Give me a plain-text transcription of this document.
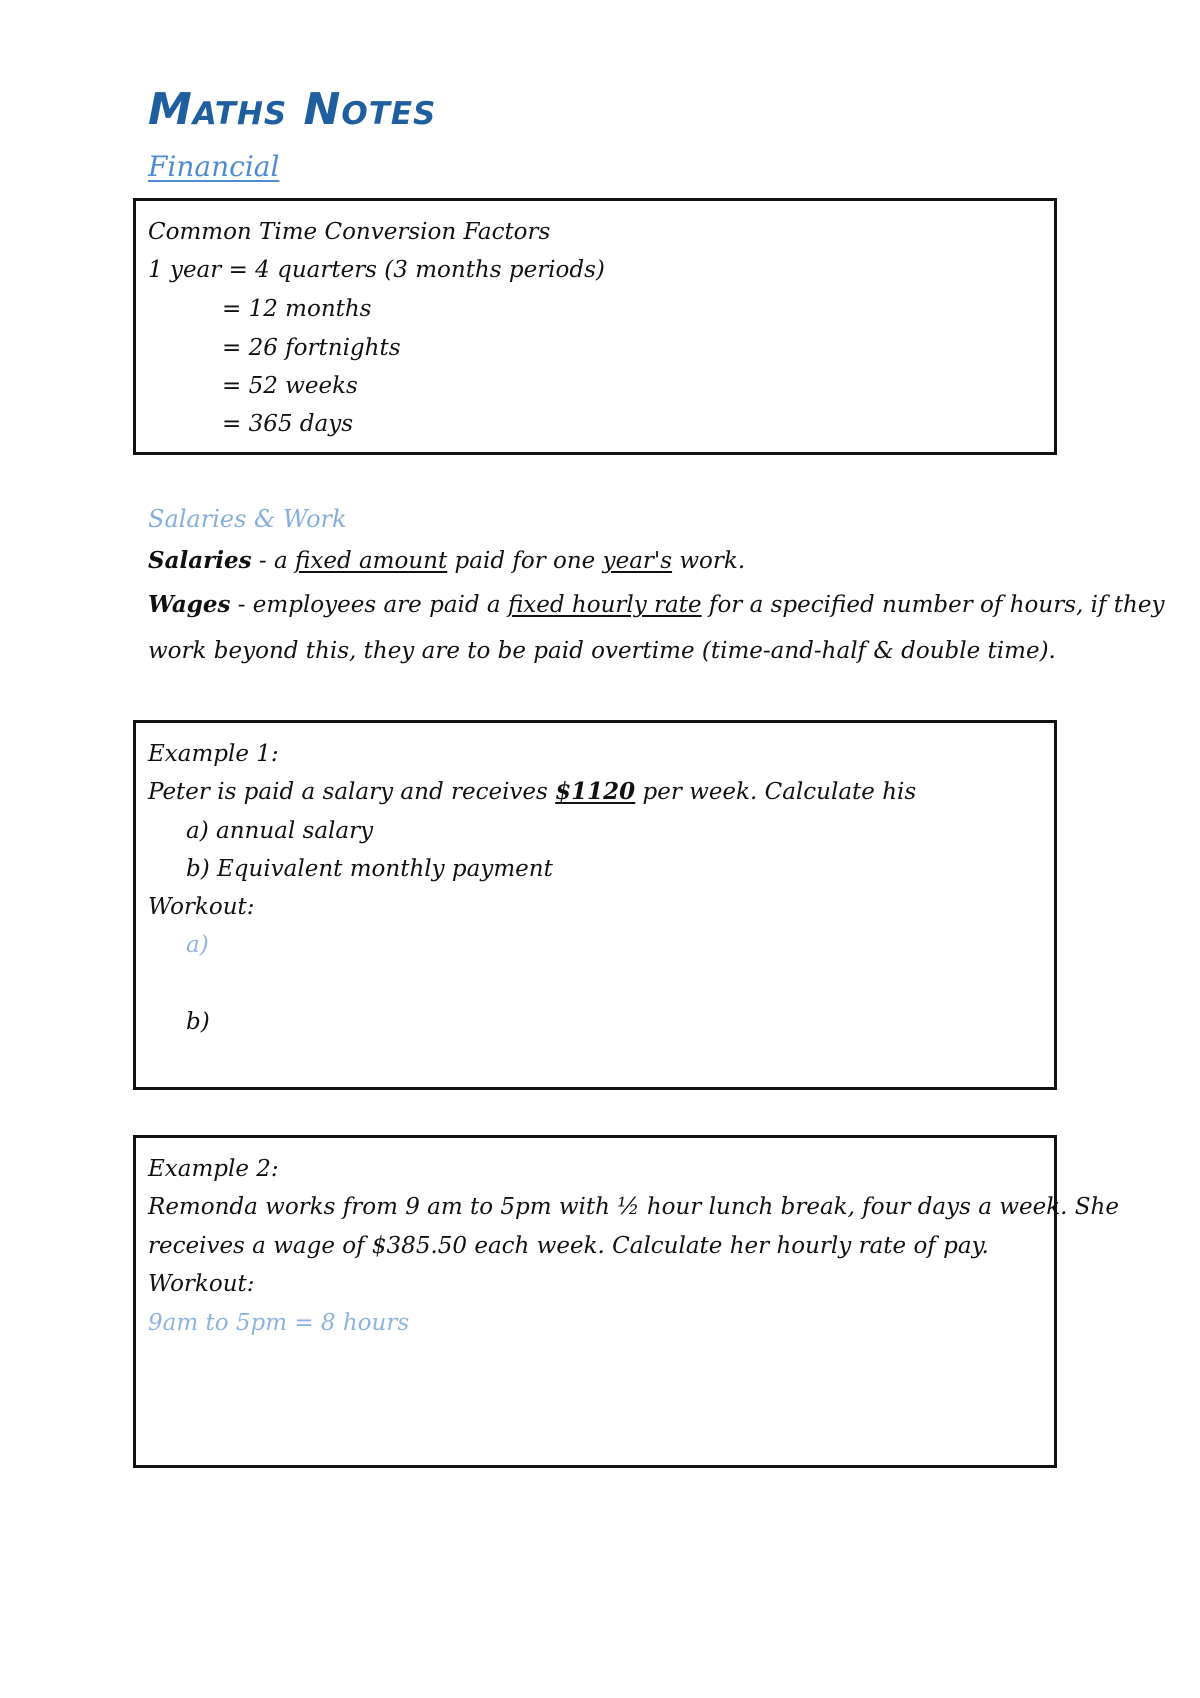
Maths Notes
Financial
Common Time Conversion Factors
1 year = 4 quarters (3 months periods)
= 12 months
= 26 fortnights
= 52 weeks
= 365 days
Salaries & Work
Salaries - a fixed amount paid for one year's work.
Wages - employees are paid a fixed hourly rate for a specified number of hours, if they
work beyond this, they are to be paid overtime (time-and-half & double time).
Example 1:
Peter is paid a salary and receives $1120 per week. Calculate his
a) annual salary
b) Equivalent monthly payment
Workout:
a)
b)
Example 2:
Remonda works from 9 am to 5pm with ½ hour lunch break, four days a week. She
receives a wage of $385.50 each week. Calculate her hourly rate of pay.
Workout:
9am to 5pm = 8 hours
